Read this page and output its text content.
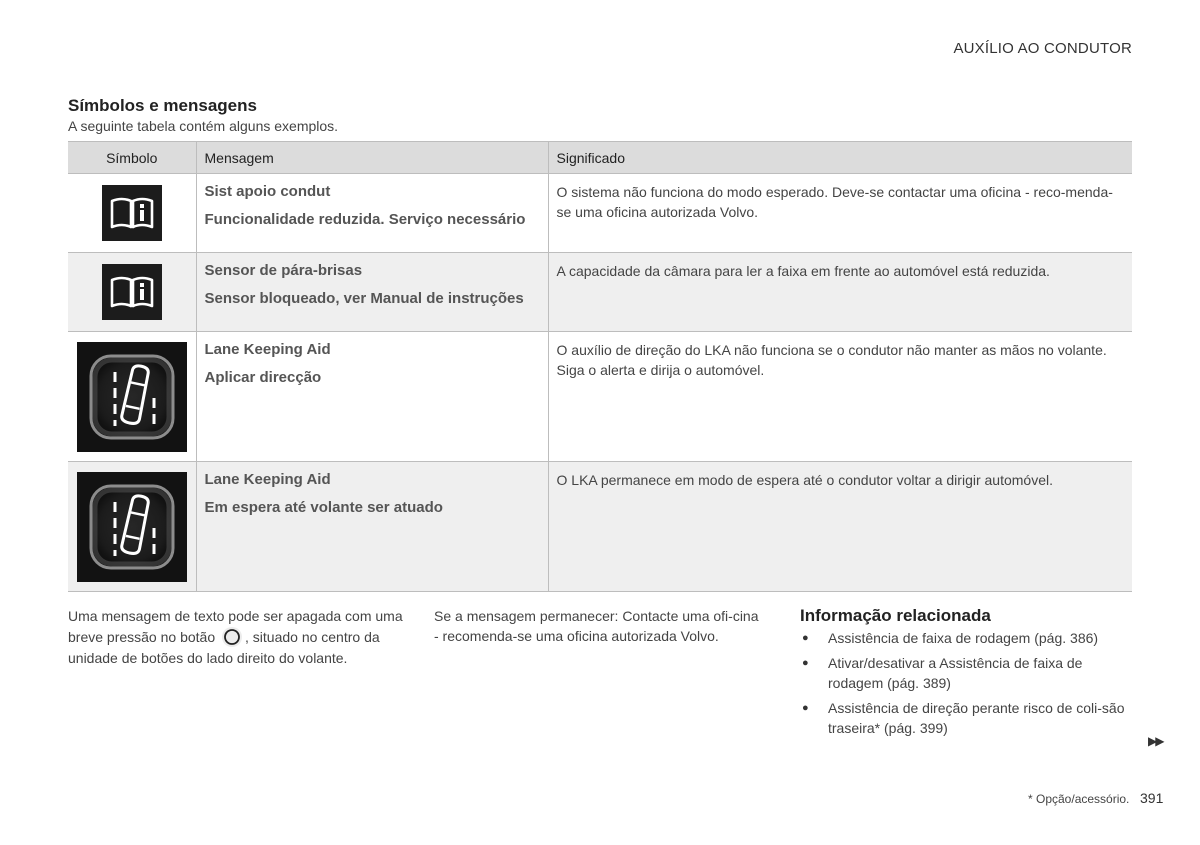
AUXÍLIO AO CONDUTOR
Símbolos e mensagens
A seguinte tabela contém alguns exemplos.
Símbolo	Mensagem	Significado

Sist apoio condut
Funcionalidade reduzida. Serviço necessário	O sistema não funciona do modo esperado. Deve-se contactar uma oficina - reco-menda-se uma oficina autorizada Volvo.

Sensor de pára-brisas
Sensor bloqueado, ver Manual de instruções	A capacidade da câmara para ler a faixa em frente ao automóvel está reduzida.

Lane Keeping Aid
Aplicar direcção	O auxílio de direção do LKA não funciona se o condutor não manter as mãos no volante. Siga o alerta e dirija o automóvel.

Lane Keeping Aid
Em espera até volante ser atuado	O LKA permanece em modo de espera até o condutor voltar a dirigir automóvel.
Uma mensagem de texto pode ser apagada com uma breve pressão no botão , situado no centro da unidade de botões do lado direito do volante.
Se a mensagem permanecer: Contacte uma ofi-cina - recomenda-se uma oficina autorizada Volvo.
Informação relacionada
● Assistência de faixa de rodagem (pág. 386)
● Ativar/desativar a Assistência de faixa de rodagem (pág. 389)
● Assistência de direção perante risco de coli-são traseira* (pág. 399)
▶▶
* Opção/acessório. 391
